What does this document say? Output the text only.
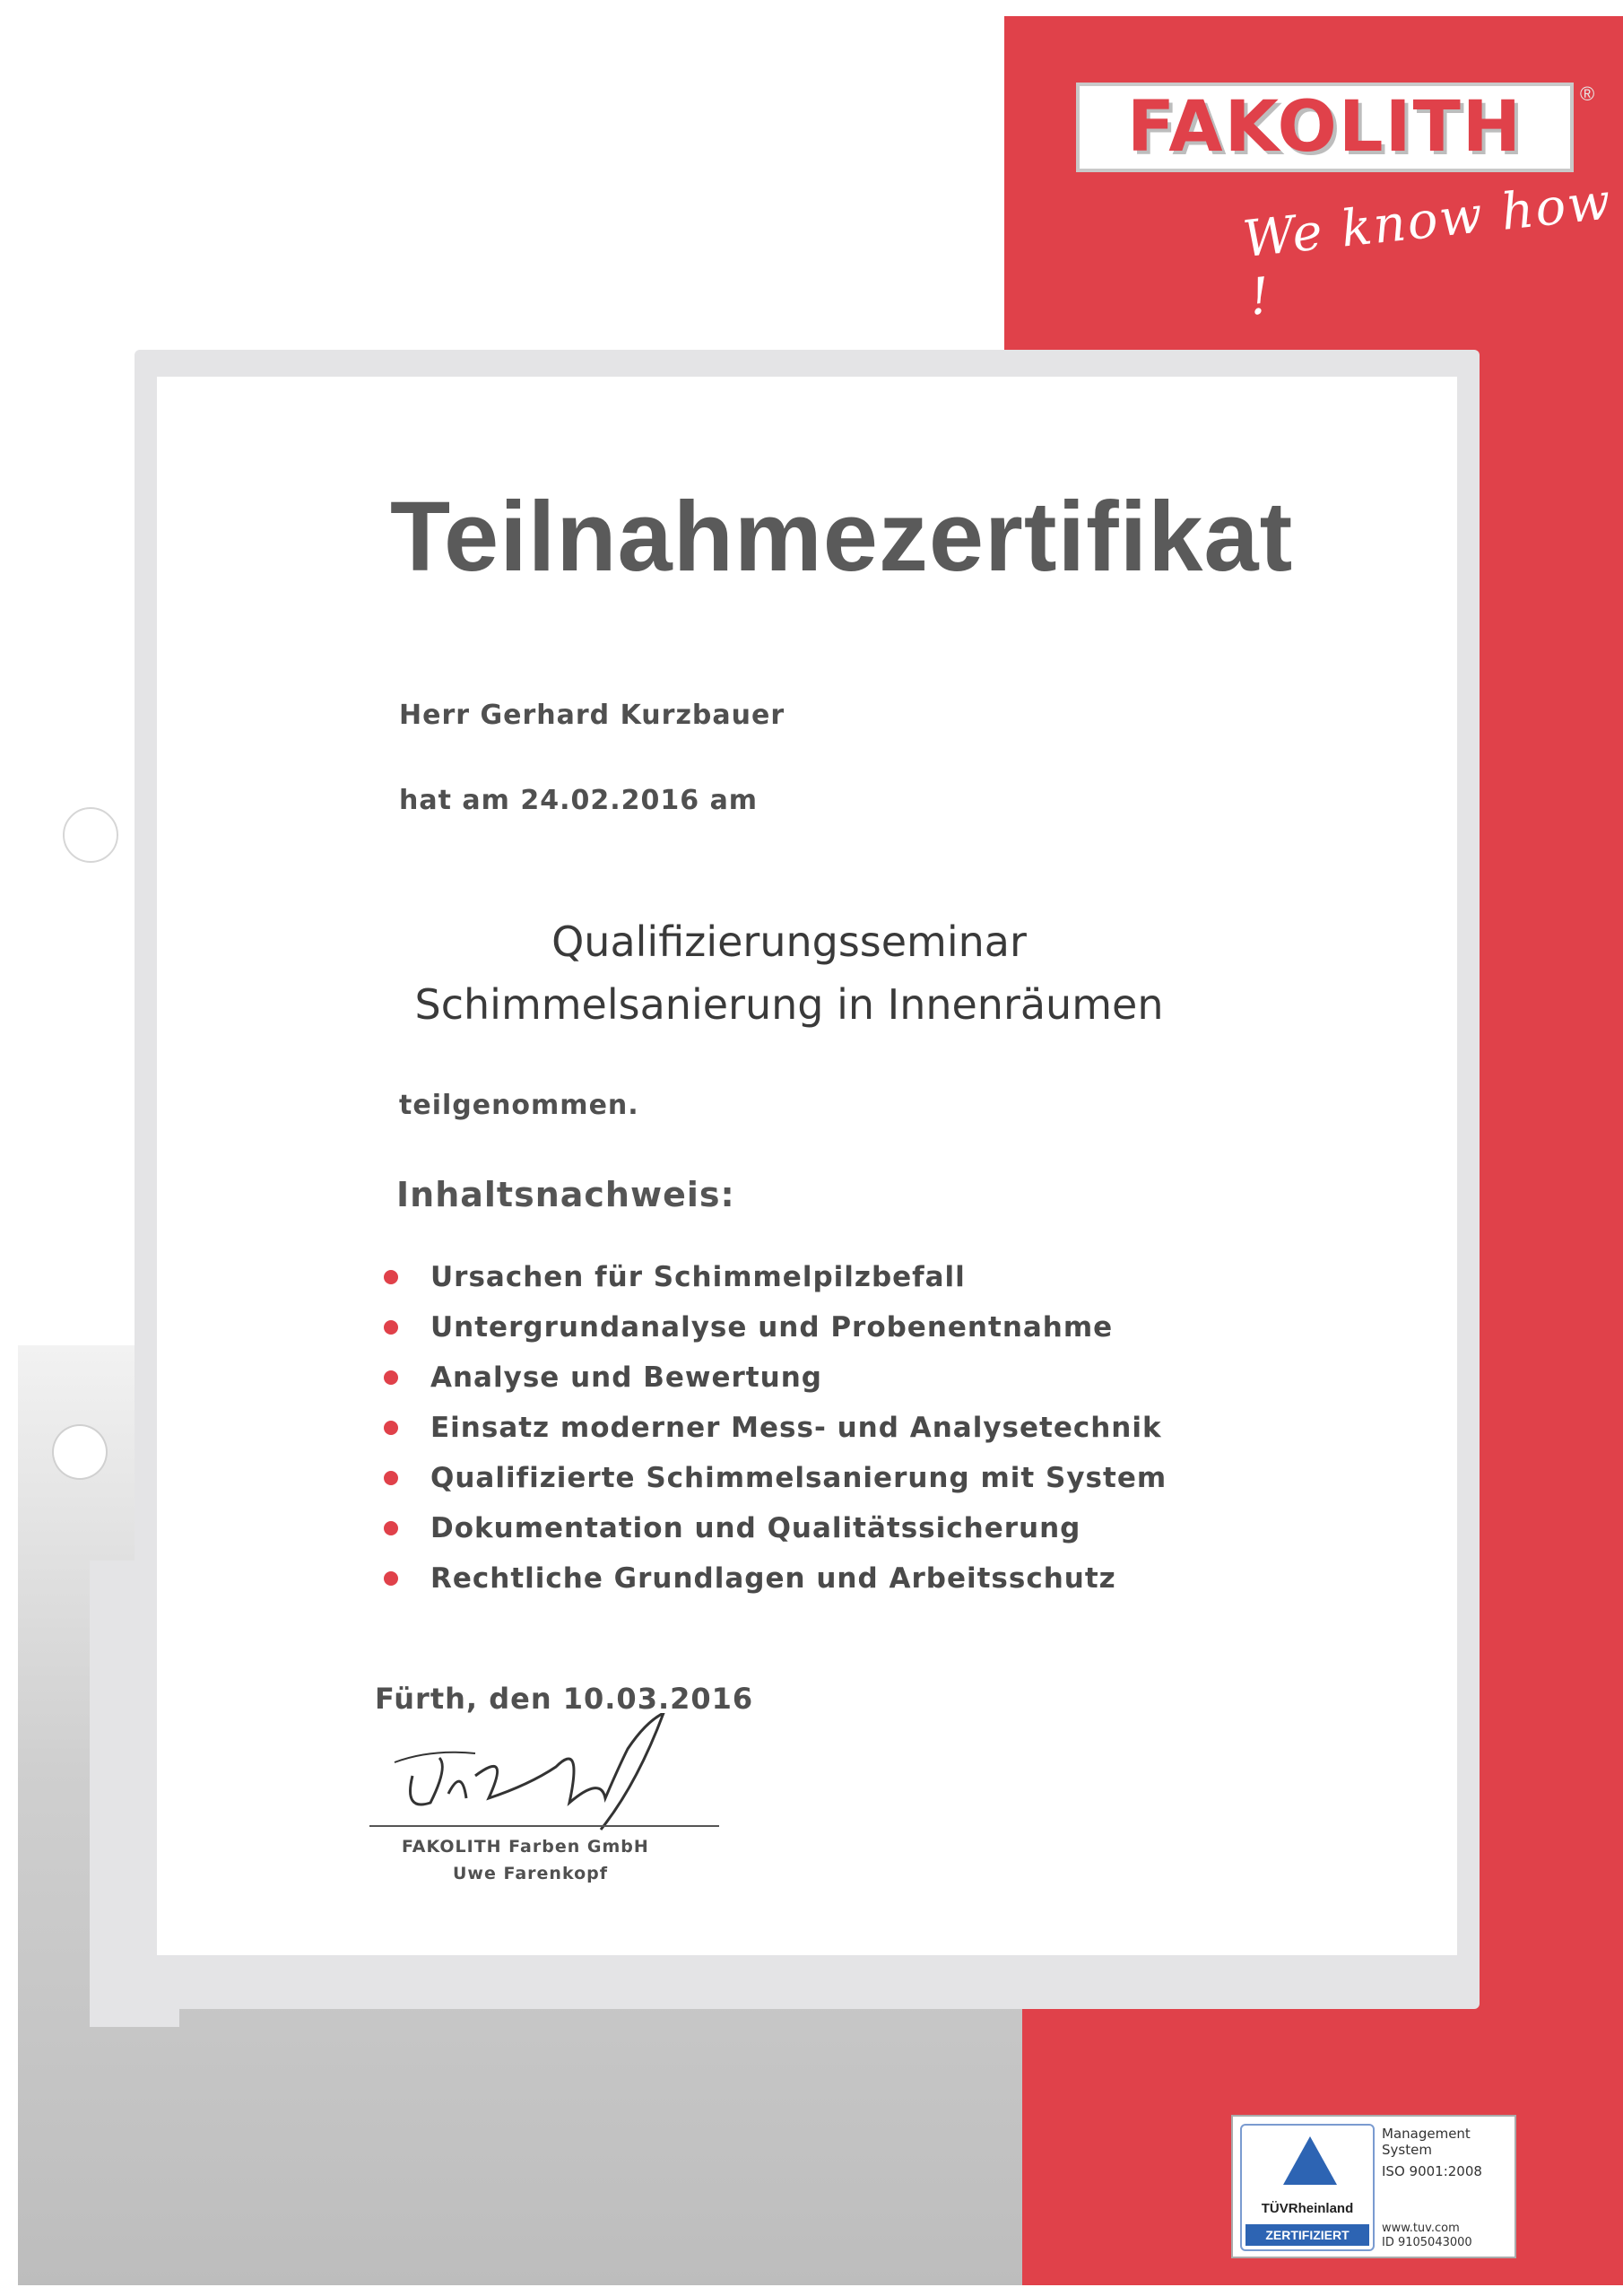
FAKOLITH	®
We know how !
Teilnahmezertifikat
Herr Gerhard Kurzbauer
hat am 24.02.2016 am
Qualifizierungsseminar
Schimmelsanierung in Innenräumen
teilgenommen.
Inhaltsnachweis:
Ursachen für Schimmelpilzbefall
Untergrundanalyse und Probenentnahme
Analyse und Bewertung
Einsatz moderner Mess- und Analysetechnik
Qualifizierte Schimmelsanierung mit System
Dokumentation und Qualitätssicherung
Rechtliche Grundlagen und Arbeitsschutz
Fürth, den 10.03.2016
FAKOLITH Farben GmbH
Uwe Farenkopf
TÜVRheinland
ZERTIFIZIERT
Management
System
ISO 9001:2008
www.tuv.com
ID 9105043000
